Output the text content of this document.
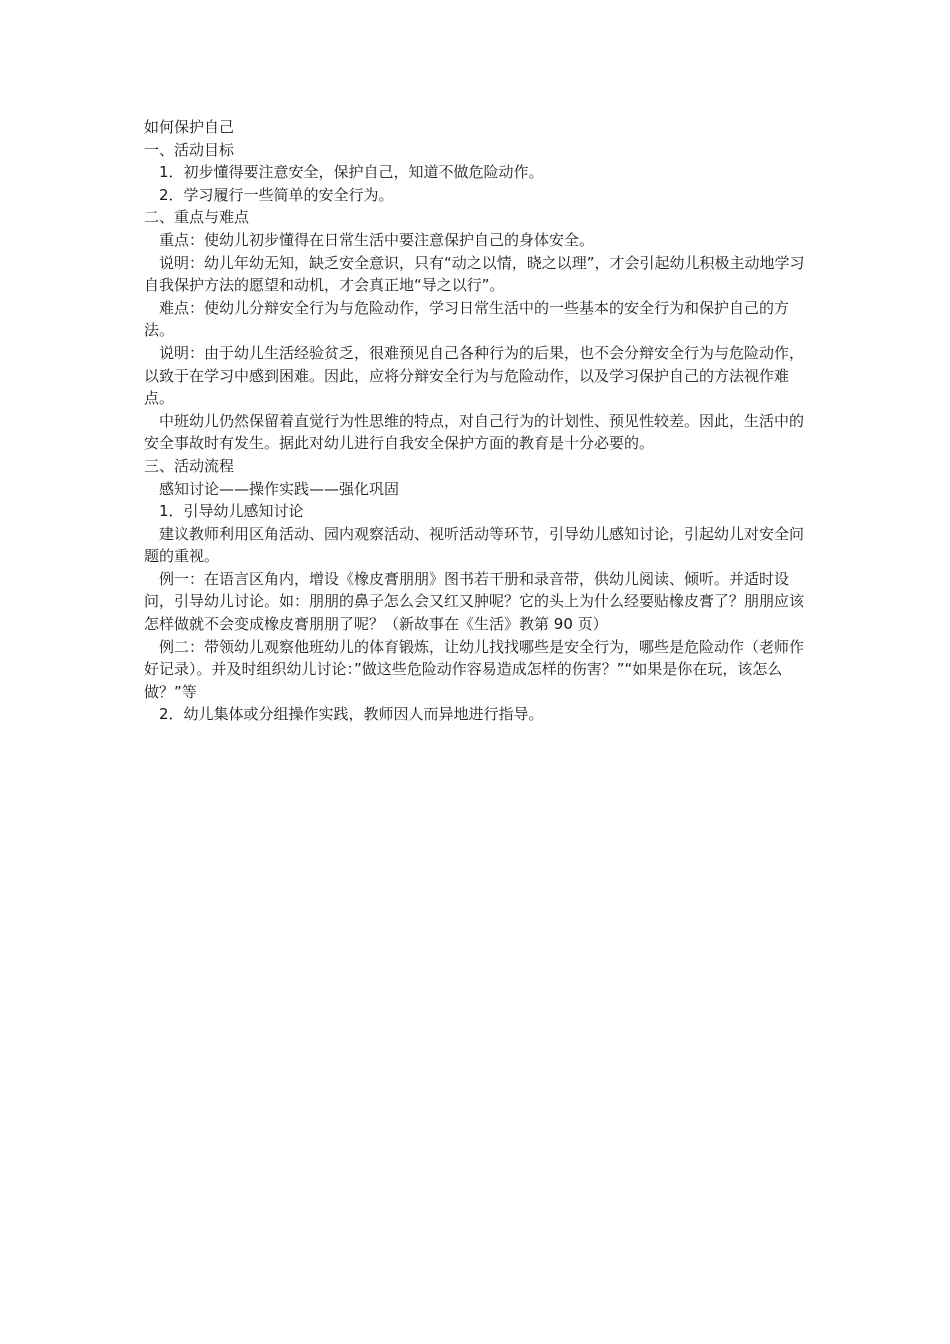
如何保护自己

一、活动目标

1．初步懂得要注意安全，保护自己，知道不做危险动作。

2．学习履行一些简单的安全行为。

二、重点与难点

重点：使幼儿初步懂得在日常生活中要注意保护自己的身体安全。

说明：幼儿年幼无知，缺乏安全意识，只有“动之以情，晓之以理”，才会引起幼儿积极主动地学习自我保护方法的愿望和动机，才会真正地“导之以行”。

难点：使幼儿分辩安全行为与危险动作，学习日常生活中的一些基本的安全行为和保护自己的方法。

说明：由于幼儿生活经验贫乏，很难预见自己各种行为的后果，也不会分辩安全行为与危险动作，以致于在学习中感到困难。因此，应将分辩安全行为与危险动作，以及学习保护自己的方法视作难点。

中班幼儿仍然保留着直觉行为性思维的特点，对自己行为的计划性、预见性较差。因此，生活中的安全事故时有发生。据此对幼儿进行自我安全保护方面的教育是十分必要的。

三、活动流程

感知讨论——操作实践——强化巩固

1．引导幼儿感知讨论

建议教师利用区角活动、园内观察活动、视听活动等环节，引导幼儿感知讨论，引起幼儿对安全问题的重视。

例一：在语言区角内，增设《橡皮膏朋朋》图书若干册和录音带，供幼儿阅读、倾听。并适时设问，引导幼儿讨论。如：朋朋的鼻子怎么会又红又肿呢？它的头上为什么经要贴橡皮膏了？朋朋应该怎样做就不会变成橡皮膏朋朋了呢？（新故事在《生活》教第 90 页）

例二：带领幼儿观察他班幼儿的体育锻炼，让幼儿找找哪些是安全行为，哪些是危险动作（老师作好记录）。并及时组织幼儿讨论：”做这些危险动作容易造成怎样的伤害？”“如果是你在玩，该怎么做？”等

2．幼儿集体或分组操作实践，教师因人而异地进行指导。
